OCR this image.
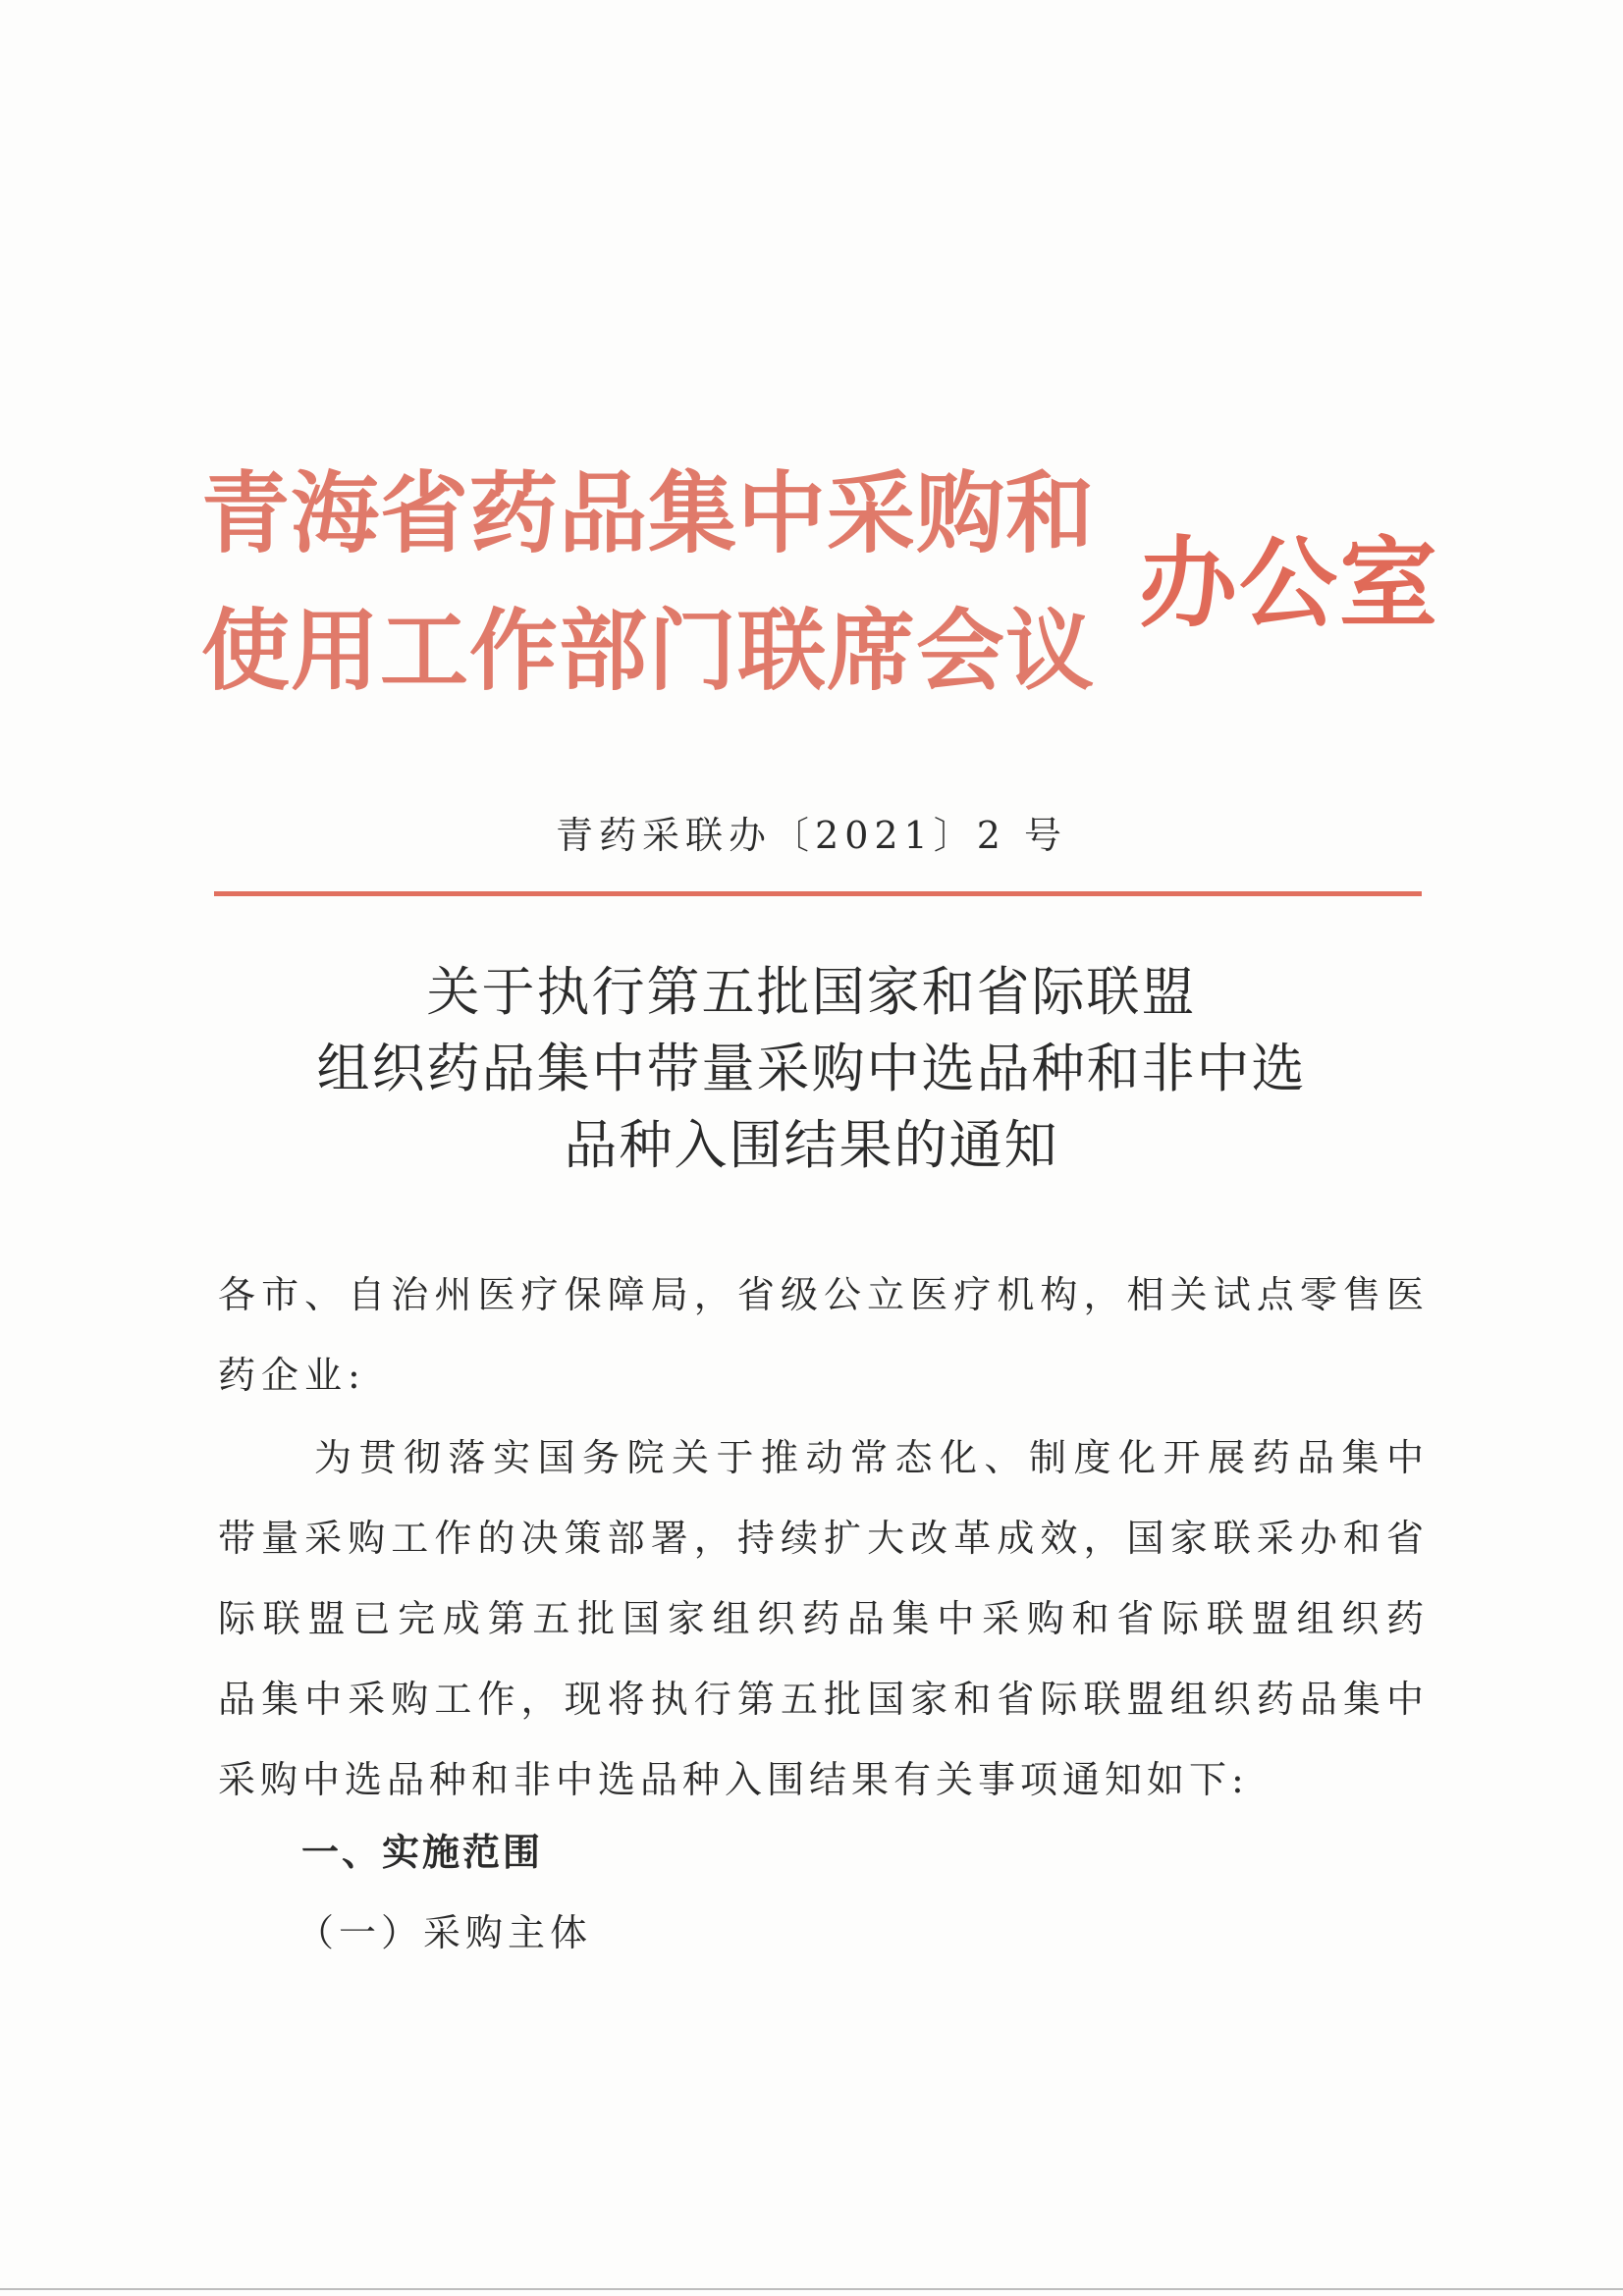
青海省药品集中采购和
使用工作部门联席会议
办公室
青药采联办〔2021〕2 号
关于执行第五批国家和省际联盟
组织药品集中带量采购中选品种和非中选
品种入围结果的通知
各市、自治州医疗保障局，省级公立医疗机构，相关试点零售医
药企业:
为贯彻落实国务院关于推动常态化、制度化开展药品集中
带量采购工作的决策部署，持续扩大改革成效，国家联采办和省
际联盟已完成第五批国家组织药品集中采购和省际联盟组织药
品集中采购工作，现将执行第五批国家和省际联盟组织药品集中
采购中选品种和非中选品种入围结果有关事项通知如下:
一、实施范围
（一）采购主体
